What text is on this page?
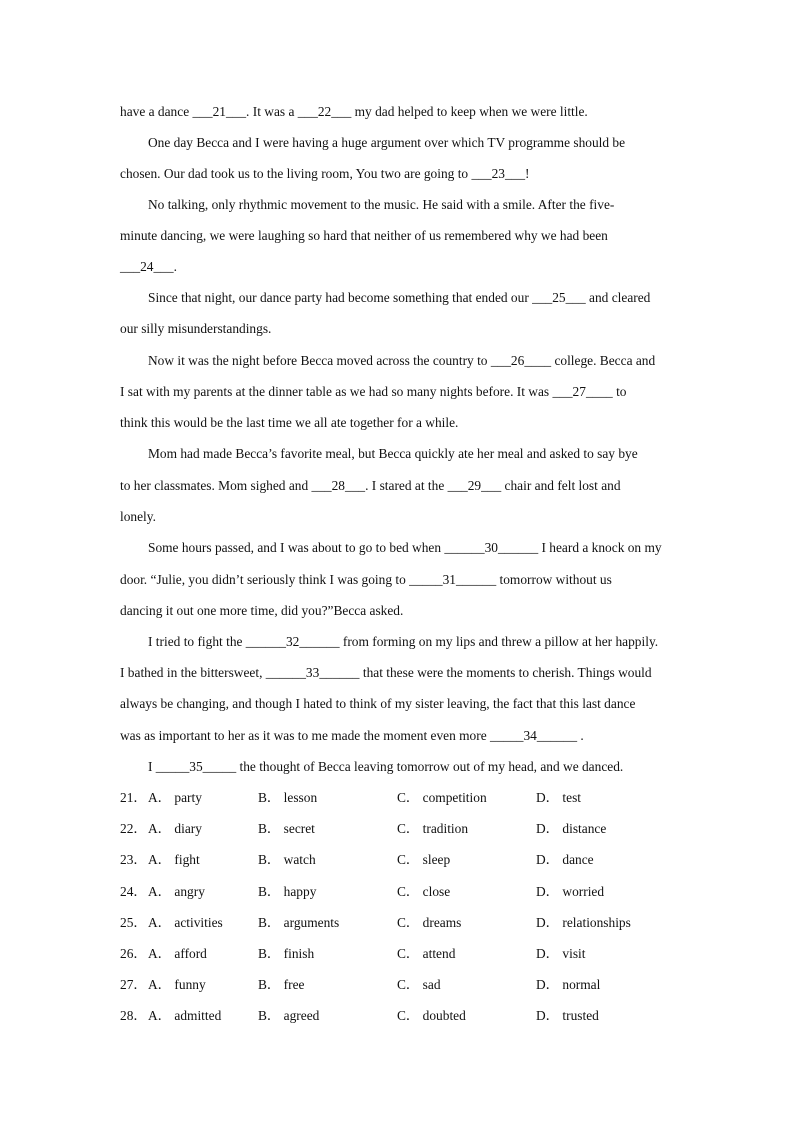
have a dance ___21___. It was a ___22___ my dad helped to keep when we were little.
One day Becca and I were having a huge argument over which TV programme should be
chosen. Our dad took us to the living room, You two are going to ___23___!
No talking, only rhythmic movement to the music. He said with a smile. After the five-
minute dancing, we were laughing so hard that neither of us remembered why we had been
___24___.
Since that night, our dance party had become something that ended our ___25___ and cleared
our silly misunderstandings.
Now it was the night before Becca moved across the country to ___26____ college. Becca and
I sat with my parents at the dinner table as we had so many nights before. It was ___27____ to
think this would be the last time we all ate together for a while.
Mom had made Becca’s favorite meal, but Becca quickly ate her meal and asked to say bye
to her classmates. Mom sighed and ___28___. I stared at the ___29___ chair and felt lost and
lonely.
Some hours passed, and I was about to go to bed when ______30______ I heard a knock on my
door. “Julie, you didn’t seriously think I was going to _____31______ tomorrow without us
dancing it out one more time, did you?”Becca asked.
I tried to fight the ______32______ from forming on my lips and threw a pillow at her happily.
I bathed in the bittersweet, ______33______ that these were the moments to cherish. Things would
always be changing, and though I hated to think of my sister leaving, the fact that this last dance
was as important to her as it was to me made the moment even more _____34______ .
I _____35_____ the thought of Becca leaving tomorrow out of my head, and we danced.
21． A． party	B． lesson	C． competition	D． test
22． A． diary	B． secret	C． tradition	D． distance
23． A． fight	B． watch	C． sleep	D． dance
24． A． angry	B． happy	C． close	D． worried
25． A． activities	B． arguments	C． dreams	D． relationships
26． A． afford	B． finish	C． attend	D． visit
27． A． funny	B． free	C． sad	D． normal
28． A． admitted	B． agreed	C． doubted	D． trusted
